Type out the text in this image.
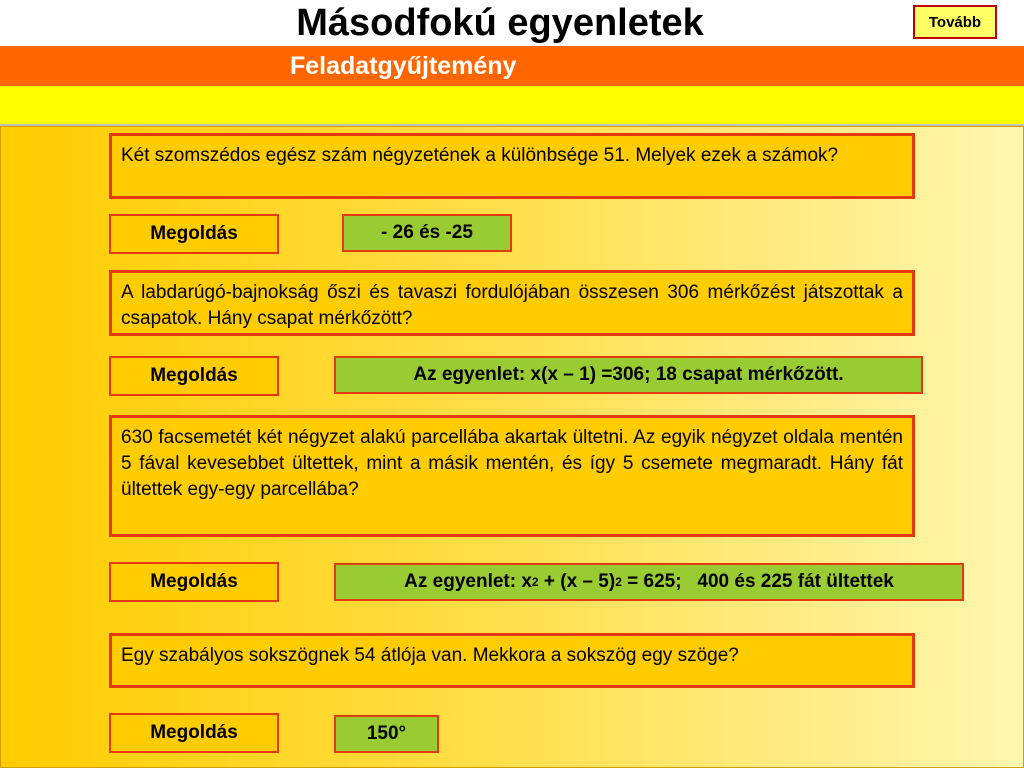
Másodfokú egyenletek	Tovább
Feladatgyűjtemény
Két szomszédos egész szám négyzetének a különbsége 51. Melyek ezek a számok?
Megoldás	- 26 és -25
A labdarúgó-bajnokság őszi és tavaszi fordulójában összesen 306 mérkőzést játszottak a csapatok. Hány csapat mérkőzött?
Megoldás	Az egyenlet: x(x – 1) =306; 18 csapat mérkőzött.
630 facsemetét két négyzet alakú parcellába akartak ültetni. Az egyik négyzet oldala mentén 5 fával kevesebbet ültettek, mint a másik mentén, és így 5 csemete megmaradt. Hány fát ültettek egy-egy parcellába?
Megoldás	Az egyenlet: x 2 + (x – 5) 2 = 625;   400 és 225 fát ültettek
Egy szabályos sokszögnek 54 átlója van. Mekkora a sokszög egy szöge?
Megoldás	150°
